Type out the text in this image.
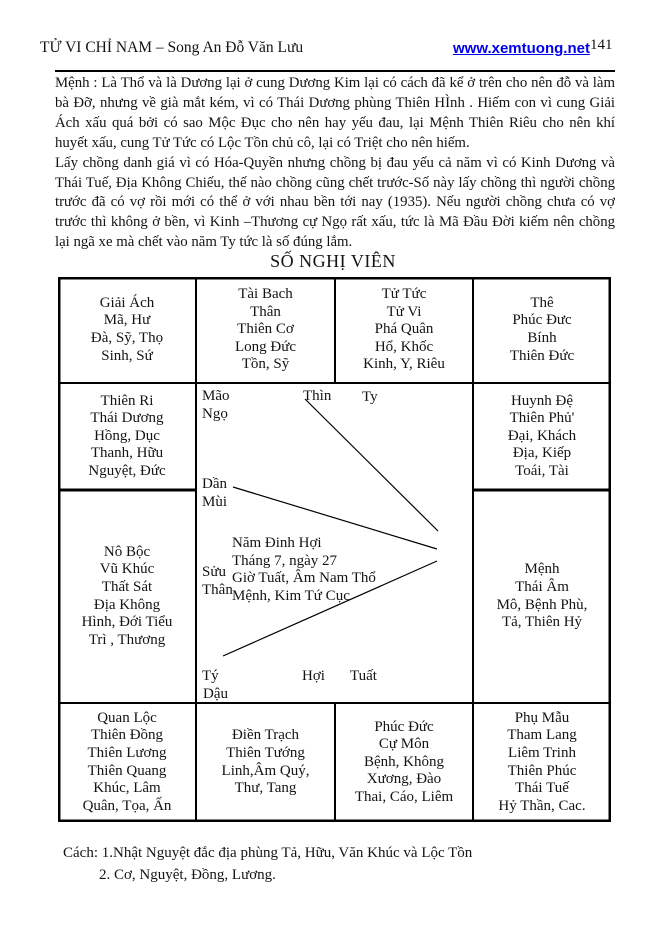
TỬ VI CHỈ NAM – Song An Đỗ Văn Lưu	www.xemtuong.net 141

Mệnh : Là Thổ và là Dương lại ở cung Dương Kim lại có cách đã kể ở trên cho nên đỗ và làm bà Đỡ, nhưng về già mắt kém, vì có Thái Dương phùng Thiên HÌnh . Hiếm con vì cung Giải Ách xấu quá bởi có sao Mộc Đục cho nên hay yếu đau, lại Mệnh Thiên Riêu cho nên khí huyết xấu, cung Tử Tức có Lộc Tồn chủ cô, lại có Triệt cho nên hiếm.

Lấy chồng danh giá vì có Hóa-Quyền nhưng chồng bị đau yếu cả năm vì có Kinh Dương và Thái Tuế, Địa Không Chiếu, thế nào chồng cũng chết trước-Số này lấy chồng thì người chồng trước đã có vợ rồi mới có thể ở với nhau bền tới nay (1935). Nếu người chồng chưa có vợ trước thì không ở bền, vì Kinh –Thương cự Ngọ rất xấu, tức là Mã Đầu Đời kiếm nên chồng lại ngã xe mà chết vào năm Ty tức là số đúng lắm.

SỐ NGHỊ VIÊN
Giải Ách
Mã, Hư
Đà, Sỹ, Thọ
Sinh, Sứ
Tài Bach
Thân
Thiên Cơ
Long Đức
Tồn, Sỹ
Tử Tức
Tử Vi
Phá Quân
Hổ, Khốc
Kinh, Y, Riêu
Thê
Phúc Đưc
Bính
Thiên Đức
Thiên Ri
Thái Dương
Hồng, Dục
Thanh, Hữu
Nguyệt, Đức
Huynh Đệ
Thiên Phủ'
Đại, Khách
Địa, Kiếp
Toái, Tài
Nô Bộc
Vũ Khúc
Thất Sát
Địa Không
Hình, Đới Tiểu
Trì , Thương
Mệnh
Thái Âm
Mô, Bệnh Phù,
Tả, Thiên Hỷ
Quan Lộc
Thiên Đồng
Thiên Lương
Thiên Quang
Khúc, Lâm
Quân, Tọa, Ấn
Điền Trạch
Thiên Tướng
Linh,Âm Quý,
Thư, Tang
Phúc Đức
Cự Môn
Bệnh, Không
Xương, Đào
Thai, Cáo, Liêm
Phụ Mẫu
Tham Lang
Liêm Trinh
Thiên Phúc
Thái Tuế
Hỷ Thần, Cac.
Mão
Ngọ
Thìn Ty
Dần
Mùi
Sửu
Thân
Tý
Dậu
Hợi Tuất
Năm Đinh Hợi
Tháng 7, ngày 27
Giờ Tuất, Âm Nam Thổ
Mệnh, Kim Tứ Cục
Cách: 1.Nhật Nguyệt đắc địa phùng Tả, Hữu, Văn Khúc và Lộc Tồn
2. Cơ, Nguyệt, Đồng, Lương.
